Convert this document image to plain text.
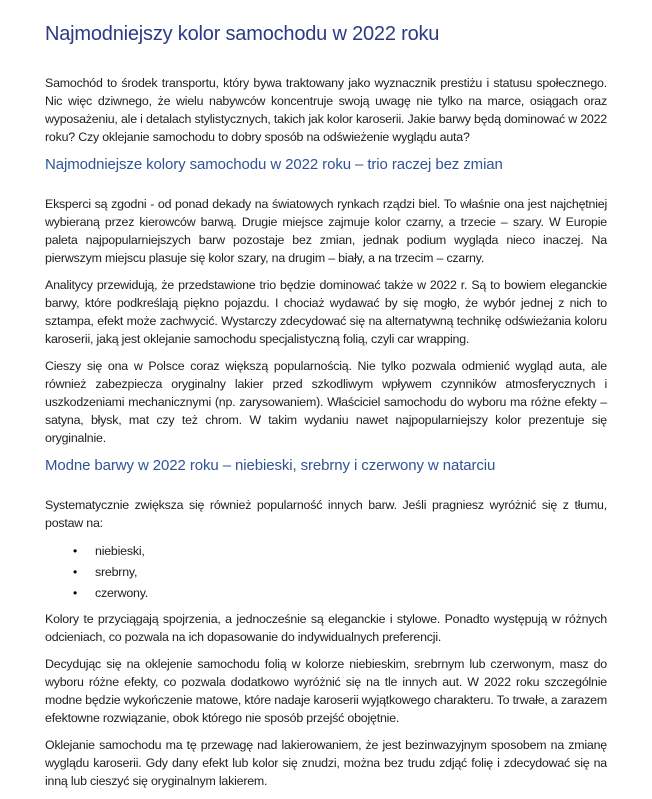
Najmodniejszy kolor samochodu w 2022 roku

Samochód to środek transportu, który bywa traktowany jako wyznacznik prestiżu i statusu społecznego. Nic więc dziwnego, że wielu nabywców koncentruje swoją uwagę nie tylko na marce, osiągach oraz wyposażeniu, ale i detalach stylistycznych, takich jak kolor karoserii. Jakie barwy będą dominować w 2022 roku? Czy oklejanie samochodu to dobry sposób na odświeżenie wyglądu auta?

Najmodniejsze kolory samochodu w 2022 roku – trio raczej bez zmian

Eksperci są zgodni - od ponad dekady na światowych rynkach rządzi biel. To właśnie ona jest najchętniej wybieraną przez kierowców barwą. Drugie miejsce zajmuje kolor czarny, a trzecie – szary. W Europie paleta najpopularniejszych barw pozostaje bez zmian, jednak podium wygląda nieco inaczej. Na pierwszym miejscu plasuje się kolor szary, na drugim – biały, a na trzecim – czarny.

Analitycy przewidują, że przedstawione trio będzie dominować także w 2022 r. Są to bowiem eleganckie barwy, które podkreślają piękno pojazdu. I chociaż wydawać by się mogło, że wybór jednej z nich to sztampa, efekt może zachwycić. Wystarczy zdecydować się na alternatywną technikę odświeżania koloru karoserii, jaką jest oklejanie samochodu specjalistyczną folią, czyli car wrapping.

Cieszy się ona w Polsce coraz większą popularnością. Nie tylko pozwala odmienić wygląd auta, ale również zabezpiecza oryginalny lakier przed szkodliwym wpływem czynników atmosferycznych i uszkodzeniami mechanicznymi (np. zarysowaniem). Właściciel samochodu do wyboru ma różne efekty – satyna, błysk, mat czy też chrom. W takim wydaniu nawet najpopularniejszy kolor prezentuje się oryginalnie.

Modne barwy w 2022 roku – niebieski, srebrny i czerwony w natarciu

Systematycznie zwiększa się również popularność innych barw. Jeśli pragniesz wyróżnić się z tłumu, postaw na:

•	niebieski,
•	srebrny,
•	czerwony.

Kolory te przyciągają spojrzenia, a jednocześnie są eleganckie i stylowe. Ponadto występują w różnych odcieniach, co pozwala na ich dopasowanie do indywidualnych preferencji.

Decydując się na oklejenie samochodu folią w kolorze niebieskim, srebrnym lub czerwonym, masz do wyboru różne efekty, co pozwala dodatkowo wyróżnić się na tle innych aut. W 2022 roku szczególnie modne będzie wykończenie matowe, które nadaje karoserii wyjątkowego charakteru. To trwałe, a zarazem efektowne rozwiązanie, obok którego nie sposób przejść obojętnie.

Oklejanie samochodu ma tę przewagę nad lakierowaniem, że jest bezinwazyjnym sposobem na zmianę wyglądu karoserii. Gdy dany efekt lub kolor się znudzi, można bez trudu zdjąć folię i zdecydować się na inną lub cieszyć się oryginalnym lakierem.
